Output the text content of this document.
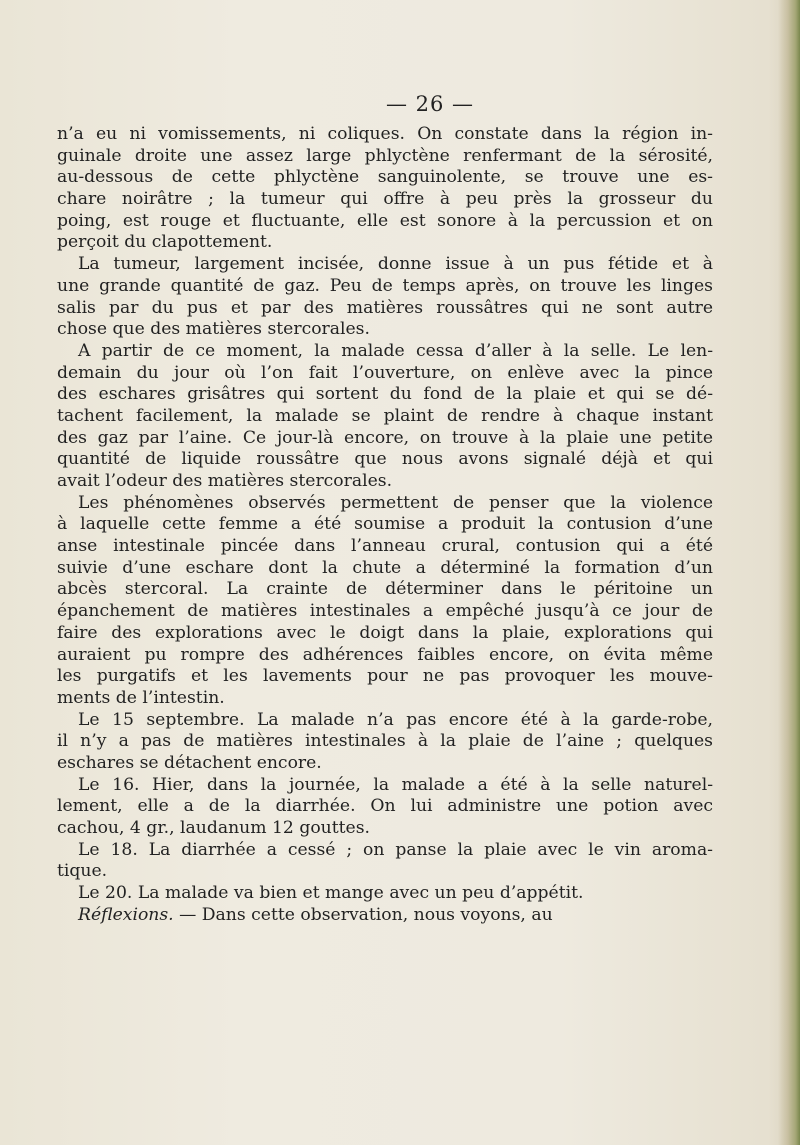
— 26 —
n’a eu ni vomissements, ni coliques. On constate dans la région in-
guinale droite une assez large phlyctène renfermant de la sérosité,
au-dessous de cette phlyctène sanguinolente, se trouve une es-
chare noirâtre ; la tumeur qui offre à peu près la grosseur du
poing, est rouge et fluctuante, elle est sonore à la percussion et on
perçoit du clapottement.
La tumeur, largement incisée, donne issue à un pus fétide et à
une grande quantité de gaz. Peu de temps après, on trouve les linges
salis par du pus et par des matières roussâtres qui ne sont autre
chose que des matières stercorales.
A partir de ce moment, la malade cessa d’aller à la selle. Le len-
demain du jour où l’on fait l’ouverture, on enlève avec la pince
des eschares grisâtres qui sortent du fond de la plaie et qui se dé-
tachent facilement, la malade se plaint de rendre à chaque instant
des gaz par l’aine. Ce jour-là encore, on trouve à la plaie une petite
quantité de liquide roussâtre que nous avons signalé déjà et qui
avait l’odeur des matières stercorales.
Les phénomènes observés permettent de penser que la violence
à laquelle cette femme a été soumise a produit la contusion d’une
anse intestinale pincée dans l’anneau crural, contusion qui a été
suivie d’une eschare dont la chute a déterminé la formation d’un
abcès stercoral. La crainte de déterminer dans le péritoine un
épanchement de matières intestinales a empêché jusqu’à ce jour de
faire des explorations avec le doigt dans la plaie, explorations qui
auraient pu rompre des adhérences faibles encore, on évita même
les purgatifs et les lavements pour ne pas provoquer les mouve-
ments de l’intestin.
Le 15 septembre. La malade n’a pas encore été à la garde-robe,
il n’y a pas de matières intestinales à la plaie de l’aine ; quelques
eschares se détachent encore.
Le 16. Hier, dans la journée, la malade a été à la selle naturel-
lement, elle a de la diarrhée. On lui administre une potion avec
cachou, 4 gr., laudanum 12 gouttes.
Le 18. La diarrhée a cessé ; on panse la plaie avec le vin aroma-
tique.
Le 20. La malade va bien et mange avec un peu d’appétit.
Réflexions. — Dans cette observation, nous voyons, au
